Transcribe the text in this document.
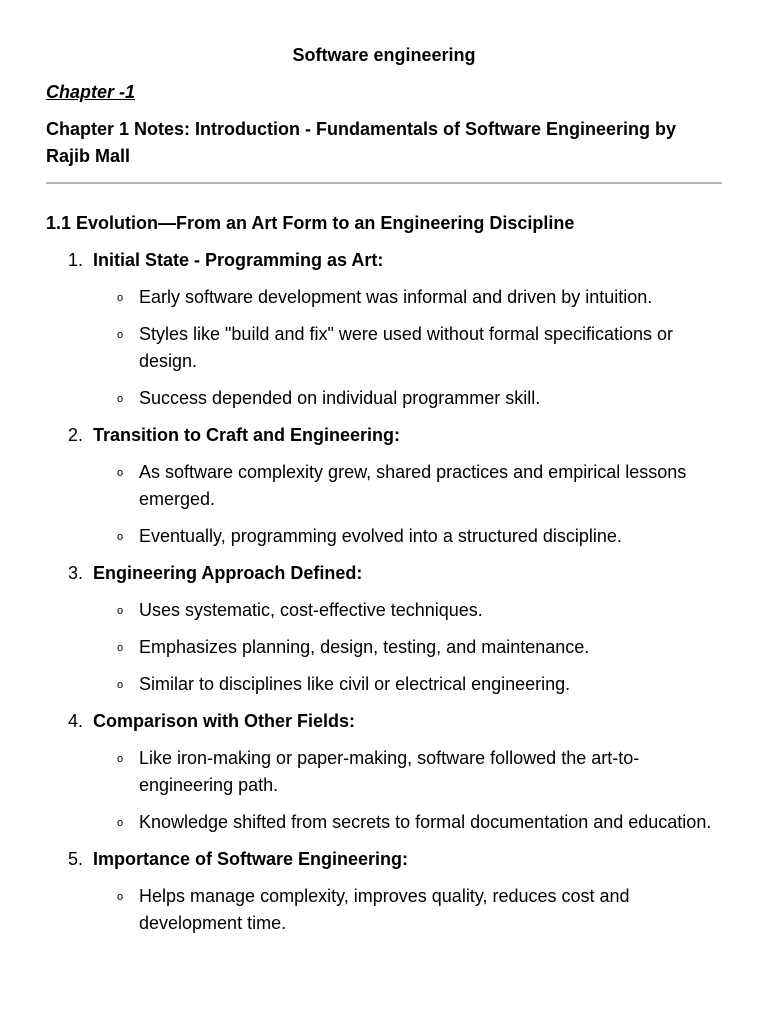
Software engineering

Chapter -1

Chapter 1 Notes: Introduction - Fundamentals of Software Engineering by Rajib Mall

1.1 Evolution—From an Art Form to an Engineering Discipline

1. Initial State - Programming as Art:
o Early software development was informal and driven by intuition.
o Styles like "build and fix" were used without formal specifications or design.
o Success depended on individual programmer skill.
2. Transition to Craft and Engineering:
o As software complexity grew, shared practices and empirical lessons emerged.
o Eventually, programming evolved into a structured discipline.
3. Engineering Approach Defined:
o Uses systematic, cost-effective techniques.
o Emphasizes planning, design, testing, and maintenance.
o Similar to disciplines like civil or electrical engineering.
4. Comparison with Other Fields:
o Like iron-making or paper-making, software followed the art-to-engineering path.
o Knowledge shifted from secrets to formal documentation and education.
5. Importance of Software Engineering:
o Helps manage complexity, improves quality, reduces cost and development time.
